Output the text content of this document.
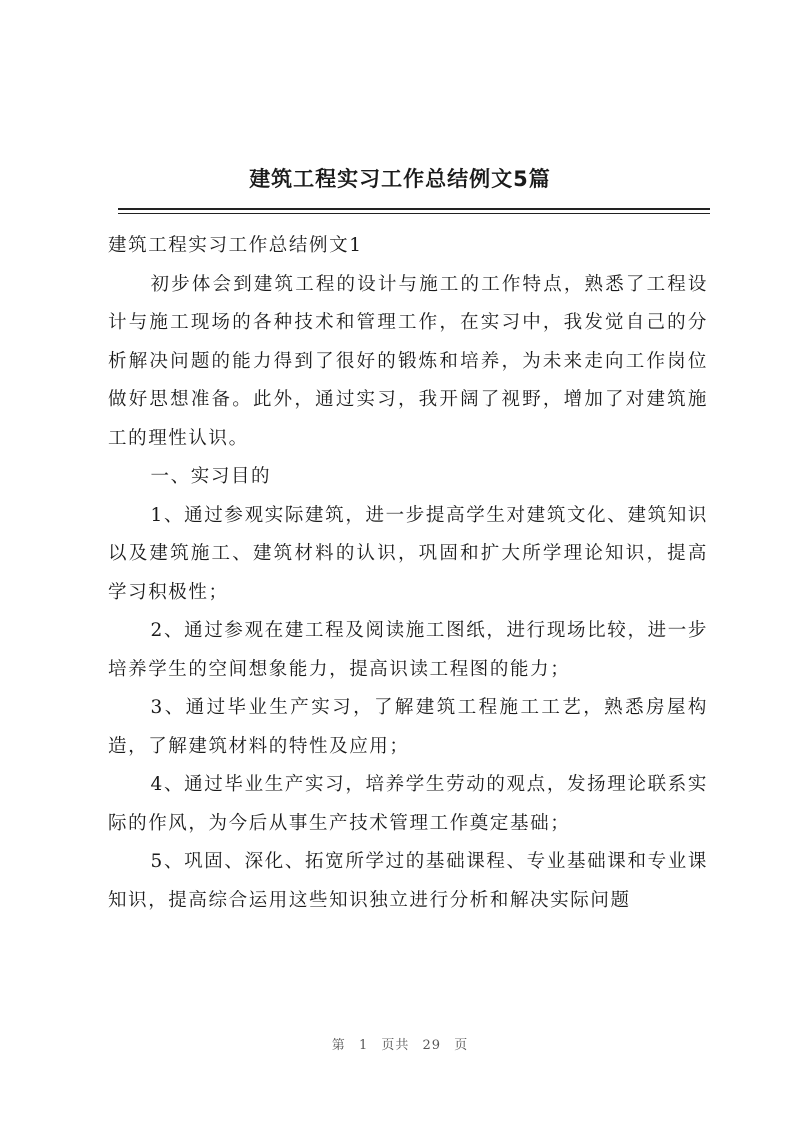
建筑工程实习工作总结例文5篇

建筑工程实习工作总结例文1

初步体会到建筑工程的设计与施工的工作特点，熟悉了工程设计与施工现场的各种技术和管理工作，在实习中，我发觉自己的分析解决问题的能力得到了很好的锻炼和培养，为未来走向工作岗位做好思想准备。此外，通过实习，我开阔了视野，增加了对建筑施工的理性认识。

一、实习目的

1、通过参观实际建筑，进一步提高学生对建筑文化、建筑知识以及建筑施工、建筑材料的认识，巩固和扩大所学理论知识，提高学习积极性；

2、通过参观在建工程及阅读施工图纸，进行现场比较，进一步培养学生的空间想象能力，提高识读工程图的能力；

3、通过毕业生产实习，了解建筑工程施工工艺，熟悉房屋构造，了解建筑材料的特性及应用；

4、通过毕业生产实习，培养学生劳动的观点，发扬理论联系实际的作风，为今后从事生产技术管理工作奠定基础；

5、巩固、深化、拓宽所学过的基础课程、专业基础课和专业课知识，提高综合运用这些知识独立进行分析和解决实际问题

第 1 页共 29 页
